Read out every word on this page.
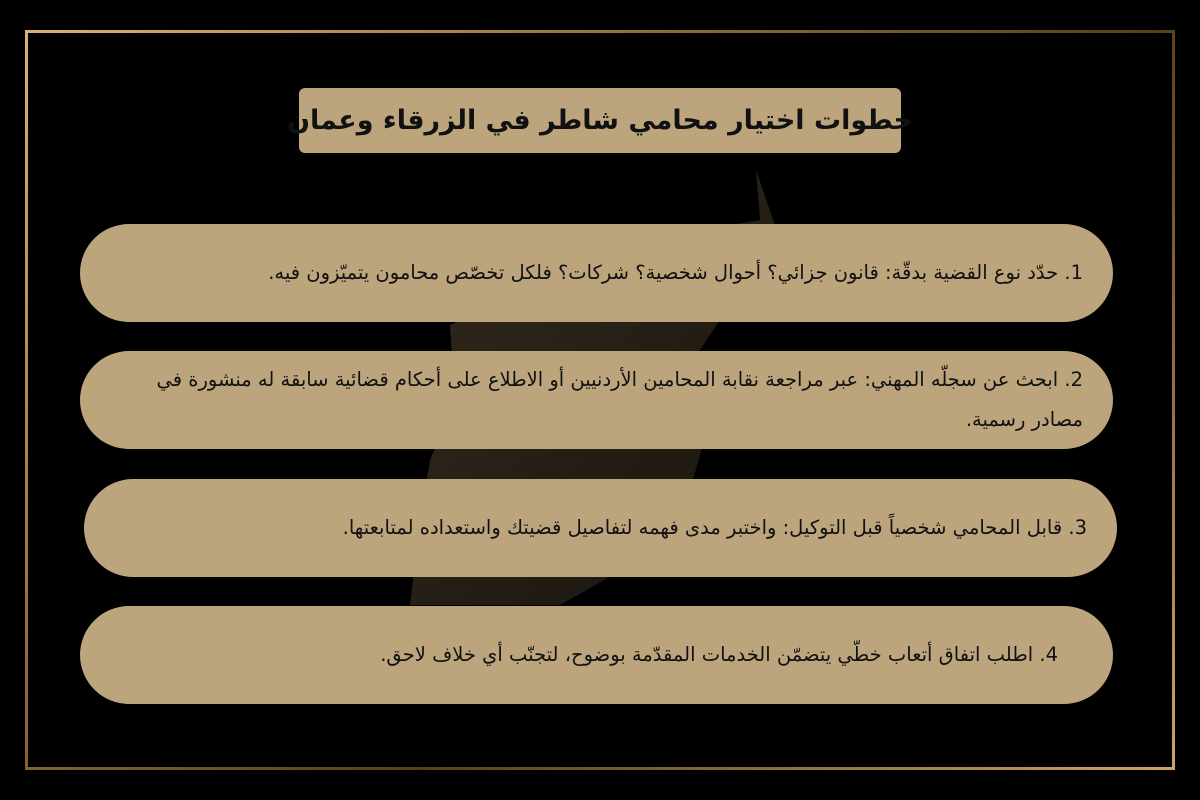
خطوات اختيار محامي شاطر في الزرقاء وعمان
1. حدّد نوع القضية بدقّة: قانون جزائي؟ أحوال شخصية؟ شركات؟ فلكل تخصّص محامون يتميّزون فيه.
2. ابحث عن سجلّه المهني: عبر مراجعة نقابة المحامين الأردنيين أو الاطلاع على أحكام قضائية سابقة له منشورة في مصادر رسمية.
3. قابل المحامي شخصياً قبل التوكيل: واختبر مدى فهمه لتفاصيل قضيتك واستعداده لمتابعتها.
4. اطلب اتفاق أتعاب خطّي يتضمّن الخدمات المقدّمة بوضوح، لتجنّب أي خلاف لاحق.
